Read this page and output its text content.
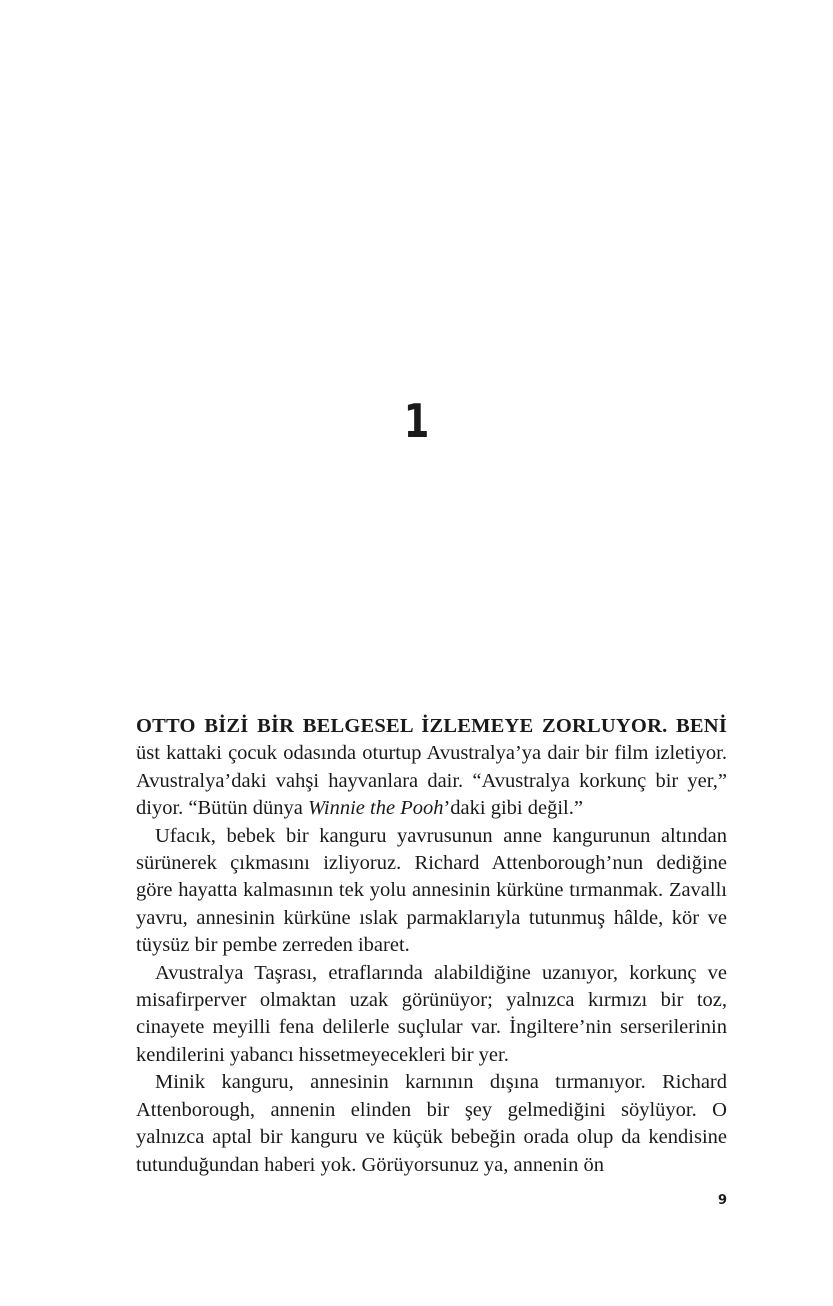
1

OTTO BİZİ BİR BELGESEL İZLEMEYE ZORLUYOR. BENİ üst kattaki çocuk odasında oturtup Avustralya’ya dair bir film izletiyor. Avustralya’daki vahşi hayvanlara dair. “Avustralya korkunç bir yer,” diyor. “Bütün dünya Winnie the Pooh’daki gibi değil.”

Ufacık, bebek bir kanguru yavrusunun anne kangurunun altından sürünerek çıkmasını izliyoruz. Richard Attenborough’nun dediğine göre hayatta kalmasının tek yolu annesinin kürküne tırmanmak. Zavallı yavru, annesinin kürküne ıslak parmaklarıyla tutunmuş hâlde, kör ve tüysüz bir pembe zerreden ibaret.

Avustralya Taşrası, etraflarında alabildiğine uzanıyor, korkunç ve misafirperver olmaktan uzak görünüyor; yalnızca kırmızı bir toz, cinayete meyilli fena delilerle suçlular var. İngiltere’nin serserilerinin kendilerini yabancı hissetmeyecekleri bir yer.

Minik kanguru, annesinin karnının dışına tırmanıyor. Richard Attenborough, annenin elinden bir şey gelmediğini söylüyor. O yalnızca aptal bir kanguru ve küçük bebeğin orada olup da kendisine tutunduğundan haberi yok. Görüyorsunuz ya, annenin ön

9
